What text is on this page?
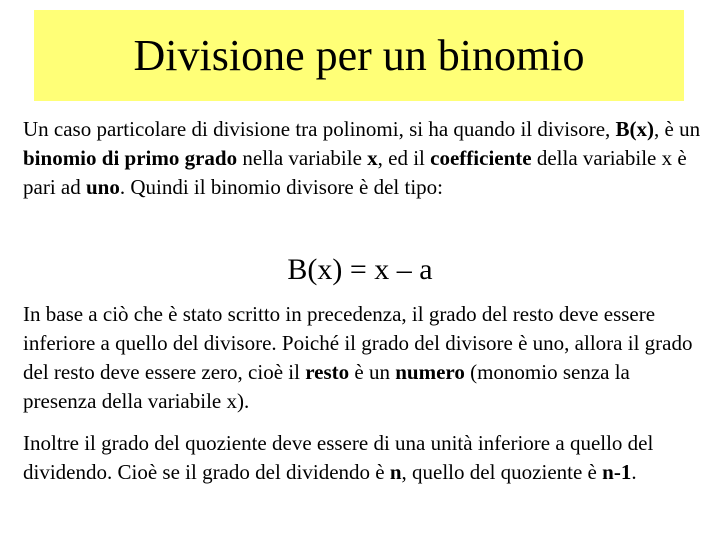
Divisione per un binomio

Un caso particolare di divisione tra polinomi, si ha quando il divisore, B(x), è un binomio di primo grado nella variabile x, ed il coefficiente della variabile x è pari ad uno. Quindi il binomio divisore è del tipo:

B(x) = x – a

In base a ciò che è stato scritto in precedenza, il grado del resto deve essere inferiore a quello del divisore. Poiché il grado del divisore è uno, allora il grado del resto deve essere zero, cioè il resto è un numero (monomio senza la presenza della variabile x).

Inoltre il grado del quoziente deve essere di una unità inferiore a quello del dividendo. Cioè se il grado del dividendo è n, quello del quoziente è n-1.
